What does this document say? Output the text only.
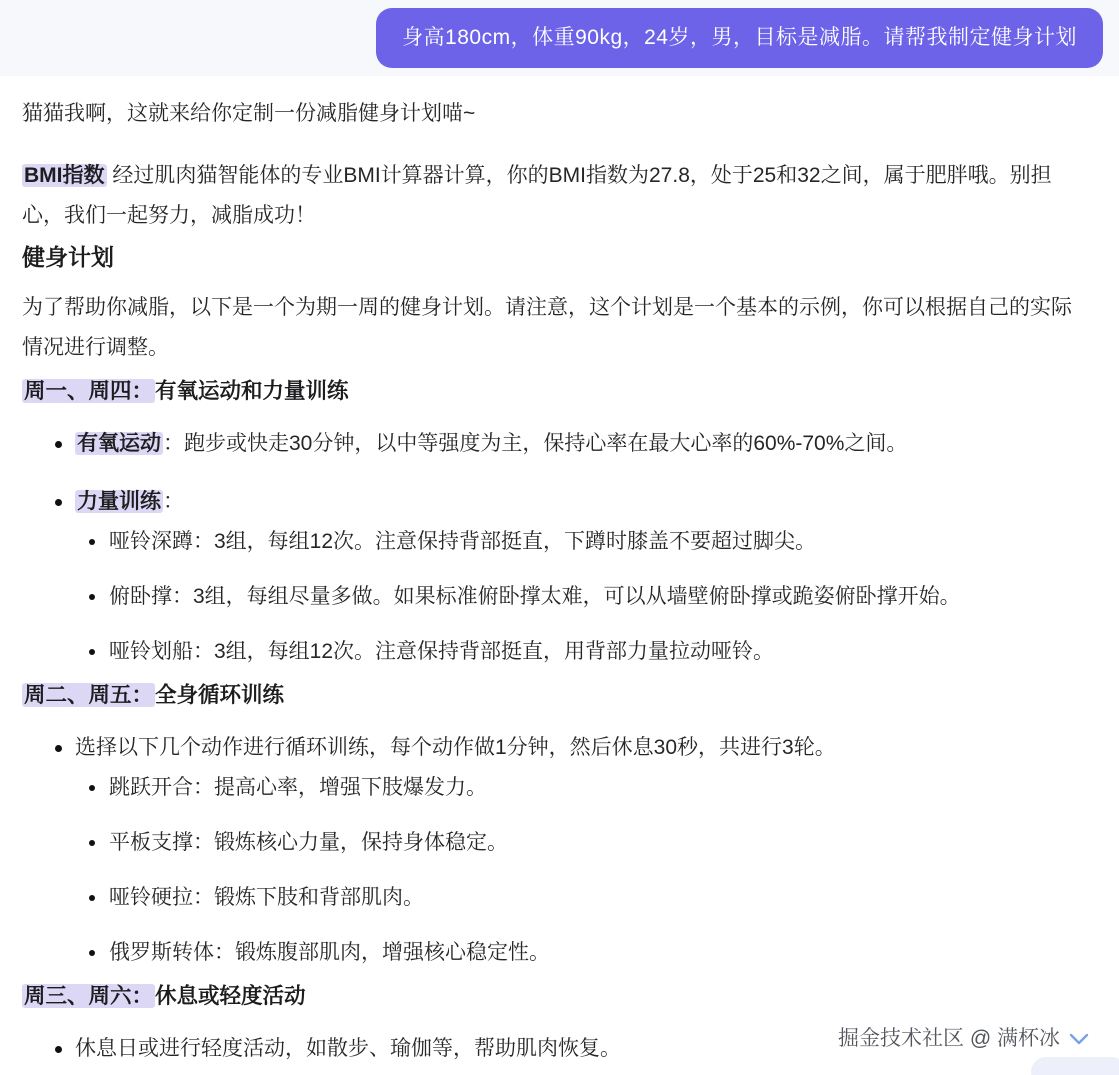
身高180cm，体重90kg，24岁，男，目标是减脂。请帮我制定健身计划

猫猫我啊，这就来给你定制一份减脂健身计划喵~

BMI指数 经过肌肉猫智能体的专业BMI计算器计算，你的BMI指数为27.8，处于25和32之间，属于肥胖哦。别担心，我们一起努力，减脂成功！

健身计划

为了帮助你减脂，以下是一个为期一周的健身计划。请注意，这个计划是一个基本的示例，你可以根据自己的实际情况进行调整。

周一、周四：有氧运动和力量训练
有氧运动：跑步或快走30分钟，以中等强度为主，保持心率在最大心率的60%-70%之间。
力量训练：
哑铃深蹲：3组，每组12次。注意保持背部挺直，下蹲时膝盖不要超过脚尖。
俯卧撑：3组，每组尽量多做。如果标准俯卧撑太难，可以从墙壁俯卧撑或跪姿俯卧撑开始。
哑铃划船：3组，每组12次。注意保持背部挺直，用背部力量拉动哑铃。
周二、周五：全身循环训练
选择以下几个动作进行循环训练，每个动作做1分钟，然后休息30秒，共进行3轮。
跳跃开合：提高心率，增强下肢爆发力。
平板支撑：锻炼核心力量，保持身体稳定。
哑铃硬拉：锻炼下肢和背部肌肉。
俄罗斯转体：锻炼腹部肌肉，增强核心稳定性。
周三、周六：休息或轻度活动
休息日或进行轻度活动，如散步、瑜伽等，帮助肌肉恢复。	掘金技术社区 @ 满杯冰
